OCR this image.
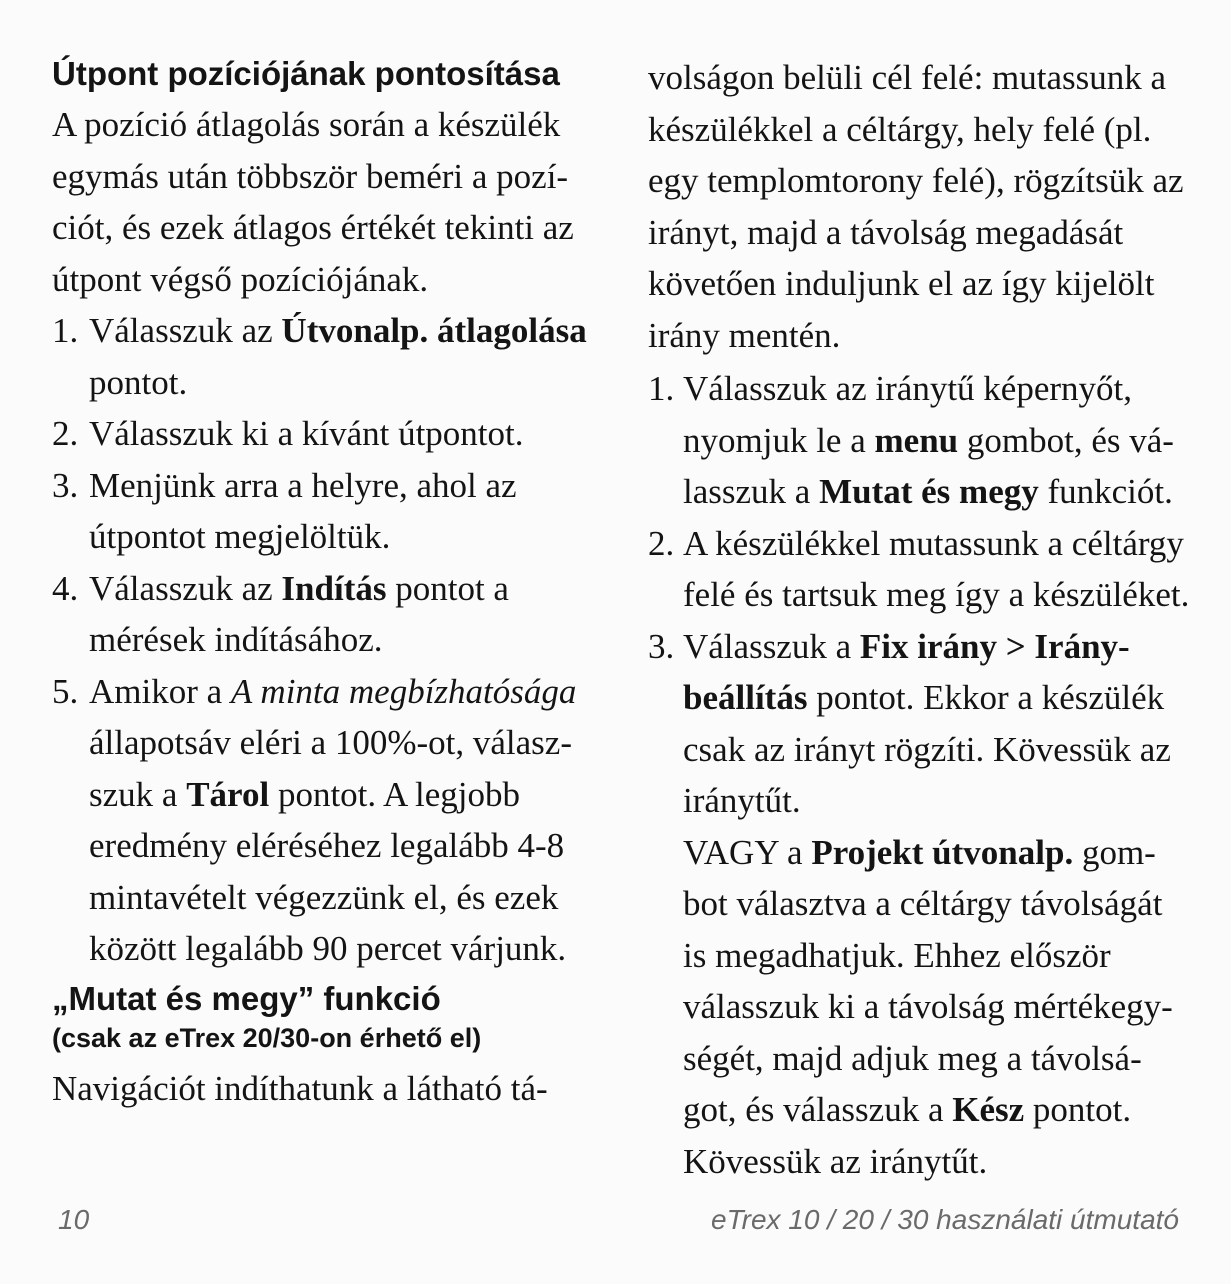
Útpont pozíciójának pontosítása

A pozíció átlagolás során a készülék egymás után többször beméri a pozí-ciót, és ezek átlagos értékét tekinti az útpont végső pozíciójának.

1. Válasszuk az Útvonalp. átlagolása pontot.
2. Válasszuk ki a kívánt útpontot.
3. Menjünk arra a helyre, ahol az útpontot megjelöltük.
4. Válasszuk az Indítás pontot a mérések indításához.
5. Amikor a A minta megbízhatósága állapotsáv eléri a 100%-ot, válasz-szuk a Tárol pontot. A legjobb eredmény eléréséhez legalább 4-8 mintavételt végezzünk el, és ezek között legalább 90 percet várjunk.
„Mutat és megy” funkció
(csak az eTrex 20/30-on érhető el)

Navigációt indíthatunk a látható tá-

volságon belüli cél felé: mutassunk a készülékkel a céltárgy, hely felé (pl. egy templomtorony felé), rögzítsük az irányt, majd a távolság megadását követően induljunk el az így kijelölt irány mentén.

1. Válasszuk az iránytű képernyőt, nyomjuk le a menu gombot, és vá-lasszuk a Mutat és megy funkciót.
2. A készülékkel mutassunk a céltárgy felé és tartsuk meg így a készüléket.
3. Válasszuk a Fix irány > Irány-beállítás pontot. Ekkor a készülék csak az irányt rögzíti. Kövessük az iránytűt.
VAGY a Projekt útvonalp. gom-bot választva a céltárgy távolságát is megadhatjuk. Ehhez először válasszuk ki a távolság mértékegy-ségét, majd adjuk meg a távolsá-got, és válasszuk a Kész pontot. Kövessük az iránytűt.
10	eTrex 10 / 20 / 30 használati útmutató
